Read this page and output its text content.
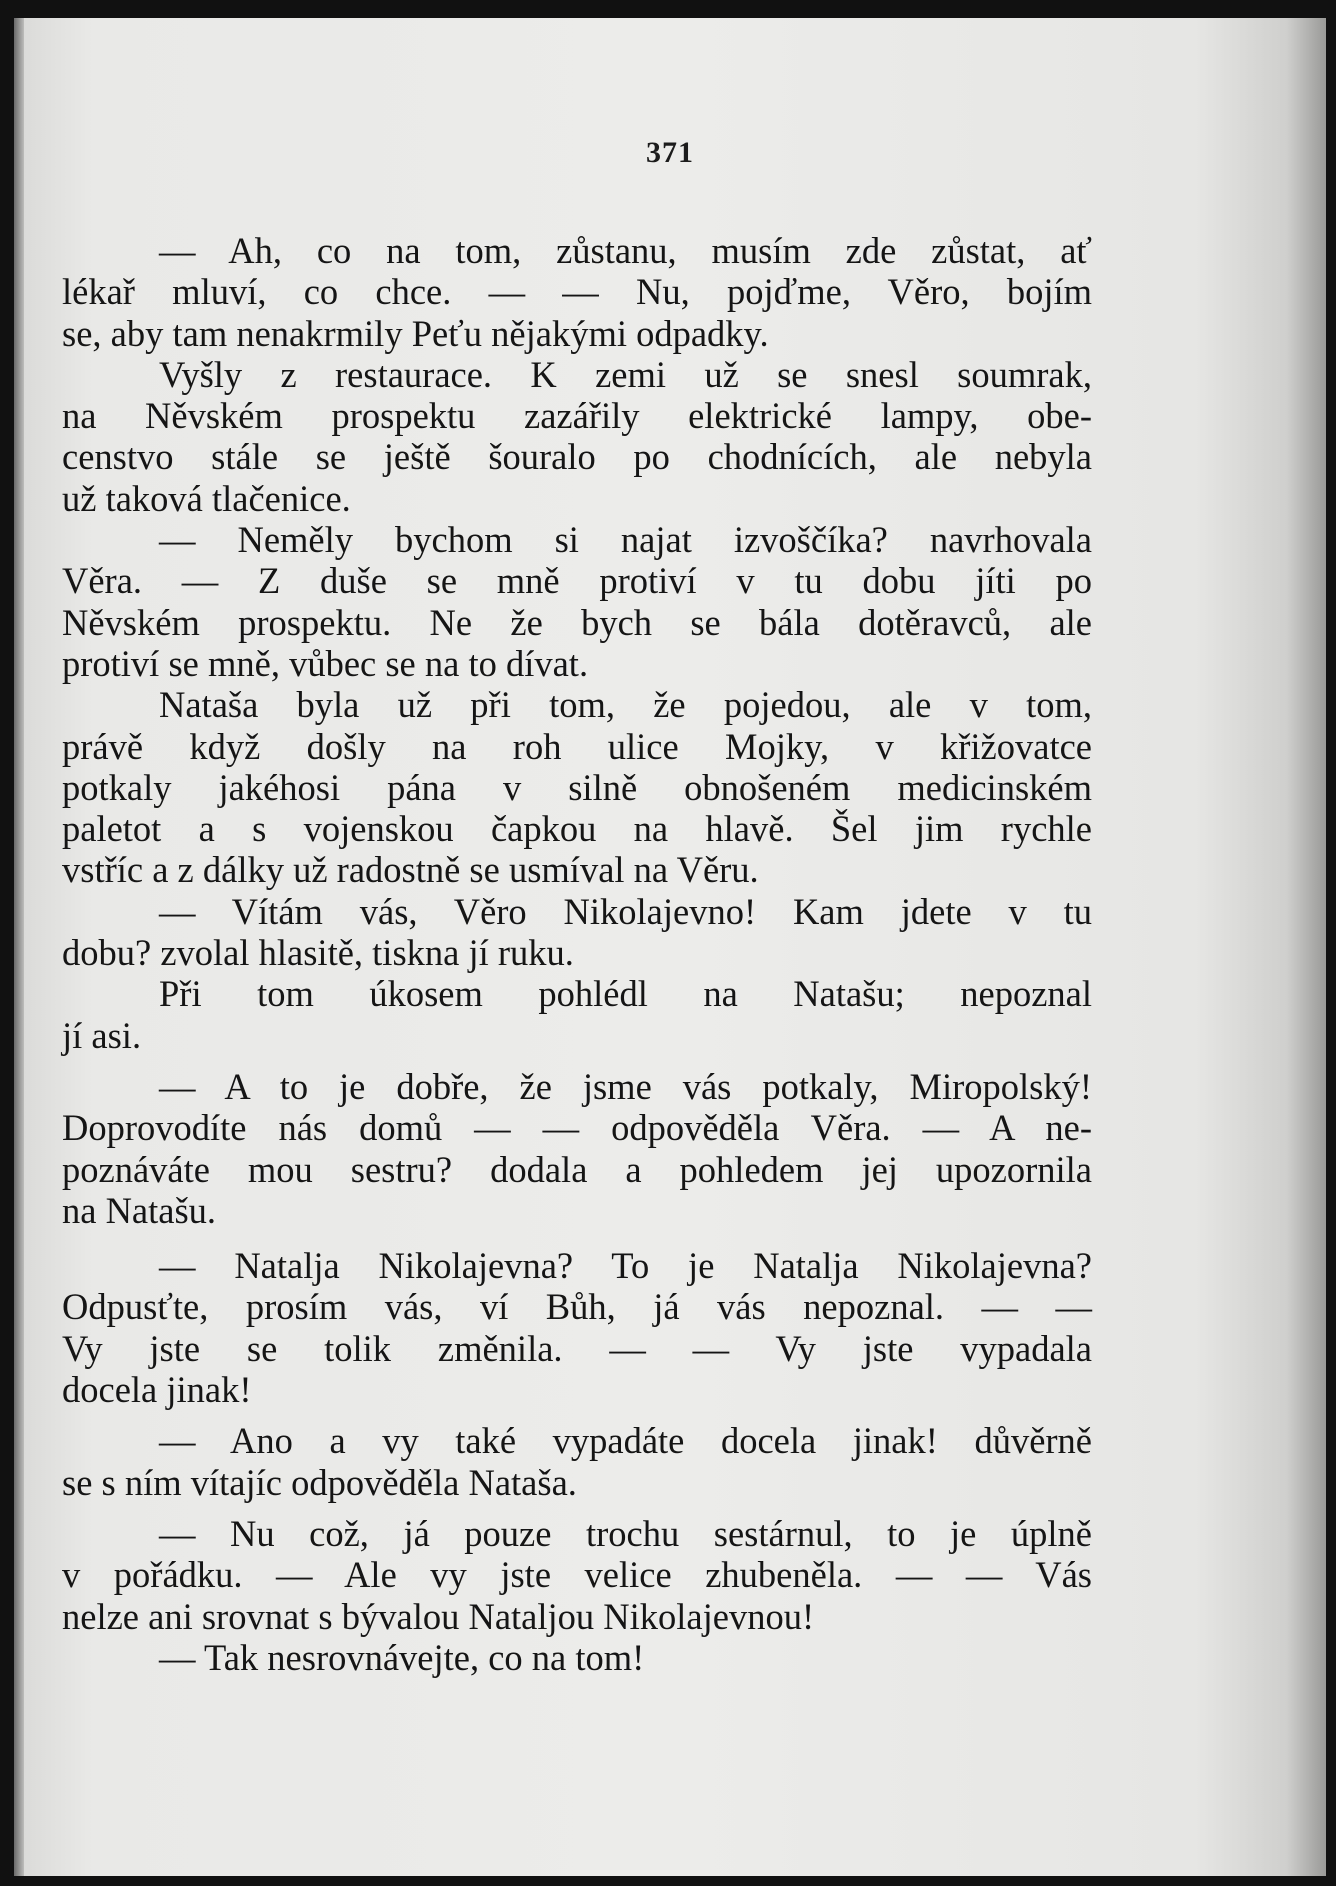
371
— Ah, co na tom, zůstanu, musím zde zůstat, ať
lékař mluví, co chce. — — Nu, pojďme, Věro, bojím
se, aby tam nenakrmily Peťu nějakými odpadky.
Vyšly z restaurace. K zemi už se snesl soumrak,
na Něvském prospektu zazářily elektrické lampy, obe-
censtvo stále se ještě šouralo po chodnících, ale nebyla
už taková tlačenice.
— Neměly bychom si najat izvoščíka? navrhovala
Věra. — Z duše se mně protiví v tu dobu jíti po
Něvském prospektu. Ne že bych se bála dotěravců, ale
protiví se mně, vůbec se na to dívat.
Nataša byla už při tom, že pojedou, ale v tom,
právě když došly na roh ulice Mojky, v křižovatce
potkaly jakéhosi pána v silně obnošeném medicinském
paletot a s vojenskou čapkou na hlavě. Šel jim rychle
vstříc a z dálky už radostně se usmíval na Věru.
— Vítám vás, Věro Nikolajevno! Kam jdete v tu
dobu? zvolal hlasitě, tiskna jí ruku.
Při tom úkosem pohlédl na Natašu; nepoznal
jí asi.
— A to je dobře, že jsme vás potkaly, Miropolský!
Doprovodíte nás domů — — odpověděla Věra. — A ne-
poznáváte mou sestru? dodala a pohledem jej upozornila
na Natašu.
— Natalja Nikolajevna? To je Natalja Nikolajevna?
Odpusťte, prosím vás, ví Bůh, já vás nepoznal. — —
Vy jste se tolik změnila. — — Vy jste vypadala
docela jinak!
— Ano a vy také vypadáte docela jinak! důvěrně
se s ním vítajíc odpověděla Nataša.
— Nu což, já pouze trochu sestárnul, to je úplně
v pořádku. — Ale vy jste velice zhubeněla. — — Vás
nelze ani srovnat s bývalou Nataljou Nikolajevnou!
— Tak nesrovnávejte, co na tom!
